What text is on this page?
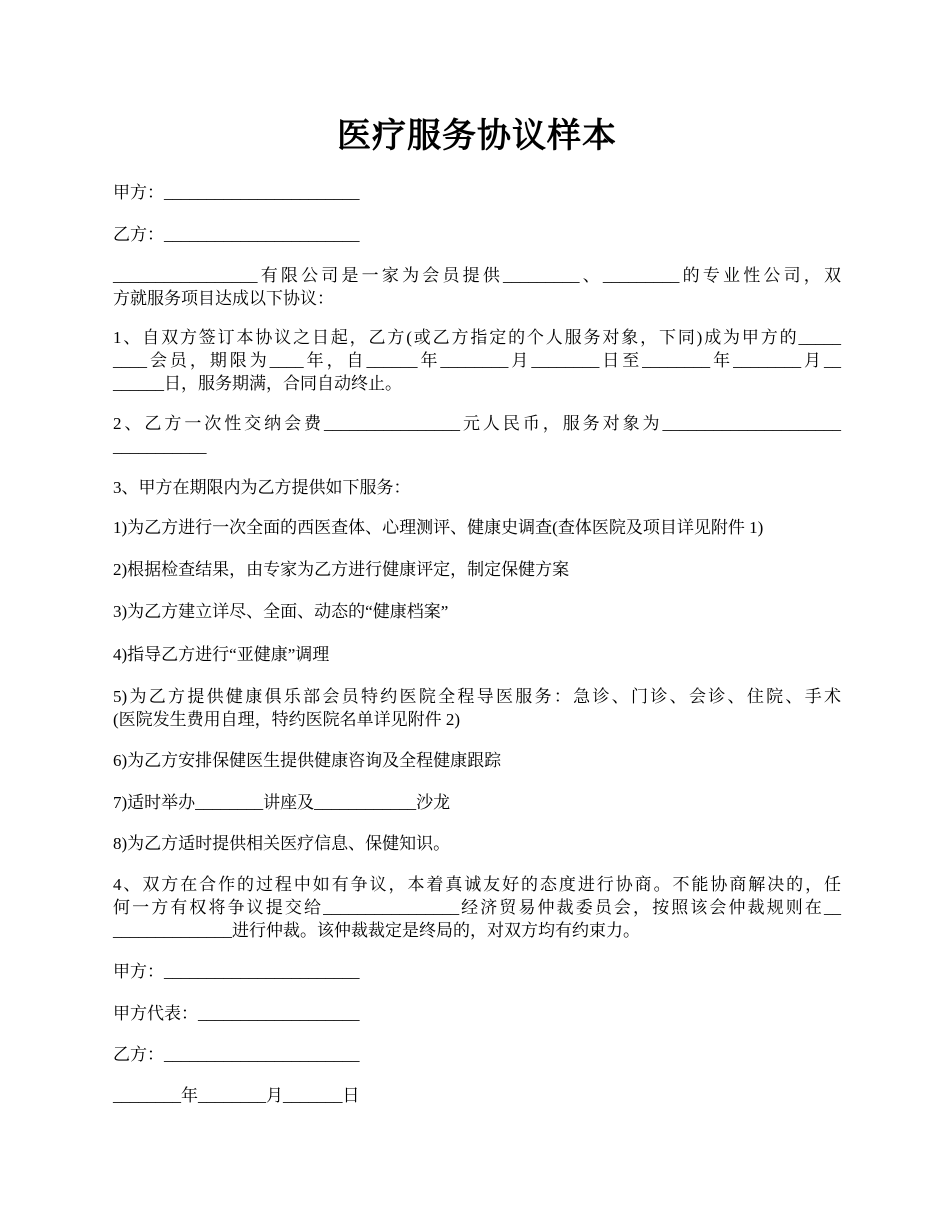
医疗服务协议样本
甲方：_______________________
乙方：_______________________
_________________有限公司是一家为会员提供_________、_________的专业性公司，双
方就服务项目达成以下协议：
1、自双方签订本协议之日起，乙方(或乙方指定的个人服务对象，下同)成为甲方的_____
____会员，期限为____年，自______年________月________日至________年________月__
______日，服务期满，合同自动终止。
2、乙方一次性交纳会费________________元人民币，服务对象为_____________________
___________
3、甲方在期限内为乙方提供如下服务：
1)为乙方进行一次全面的西医查体、心理测评、健康史调查(查体医院及项目详见附件 1)
2)根据检查结果，由专家为乙方进行健康评定，制定保健方案
3)为乙方建立详尽、全面、动态的“健康档案”
4)指导乙方进行“亚健康”调理
5)为乙方提供健康俱乐部会员特约医院全程导医服务：急诊、门诊、会诊、住院、手术
(医院发生费用自理，特约医院名单详见附件 2)
6)为乙方安排保健医生提供健康咨询及全程健康跟踪
7)适时举办________讲座及____________沙龙
8)为乙方适时提供相关医疗信息、保健知识。
4、双方在合作的过程中如有争议，本着真诚友好的态度进行协商。不能协商解决的，任
何一方有权将争议提交给________________经济贸易仲裁委员会，按照该会仲裁规则在__
______________进行仲裁。该仲裁裁定是终局的，对双方均有约束力。
甲方：_______________________
甲方代表：___________________
乙方：_______________________
________年________月_______日
